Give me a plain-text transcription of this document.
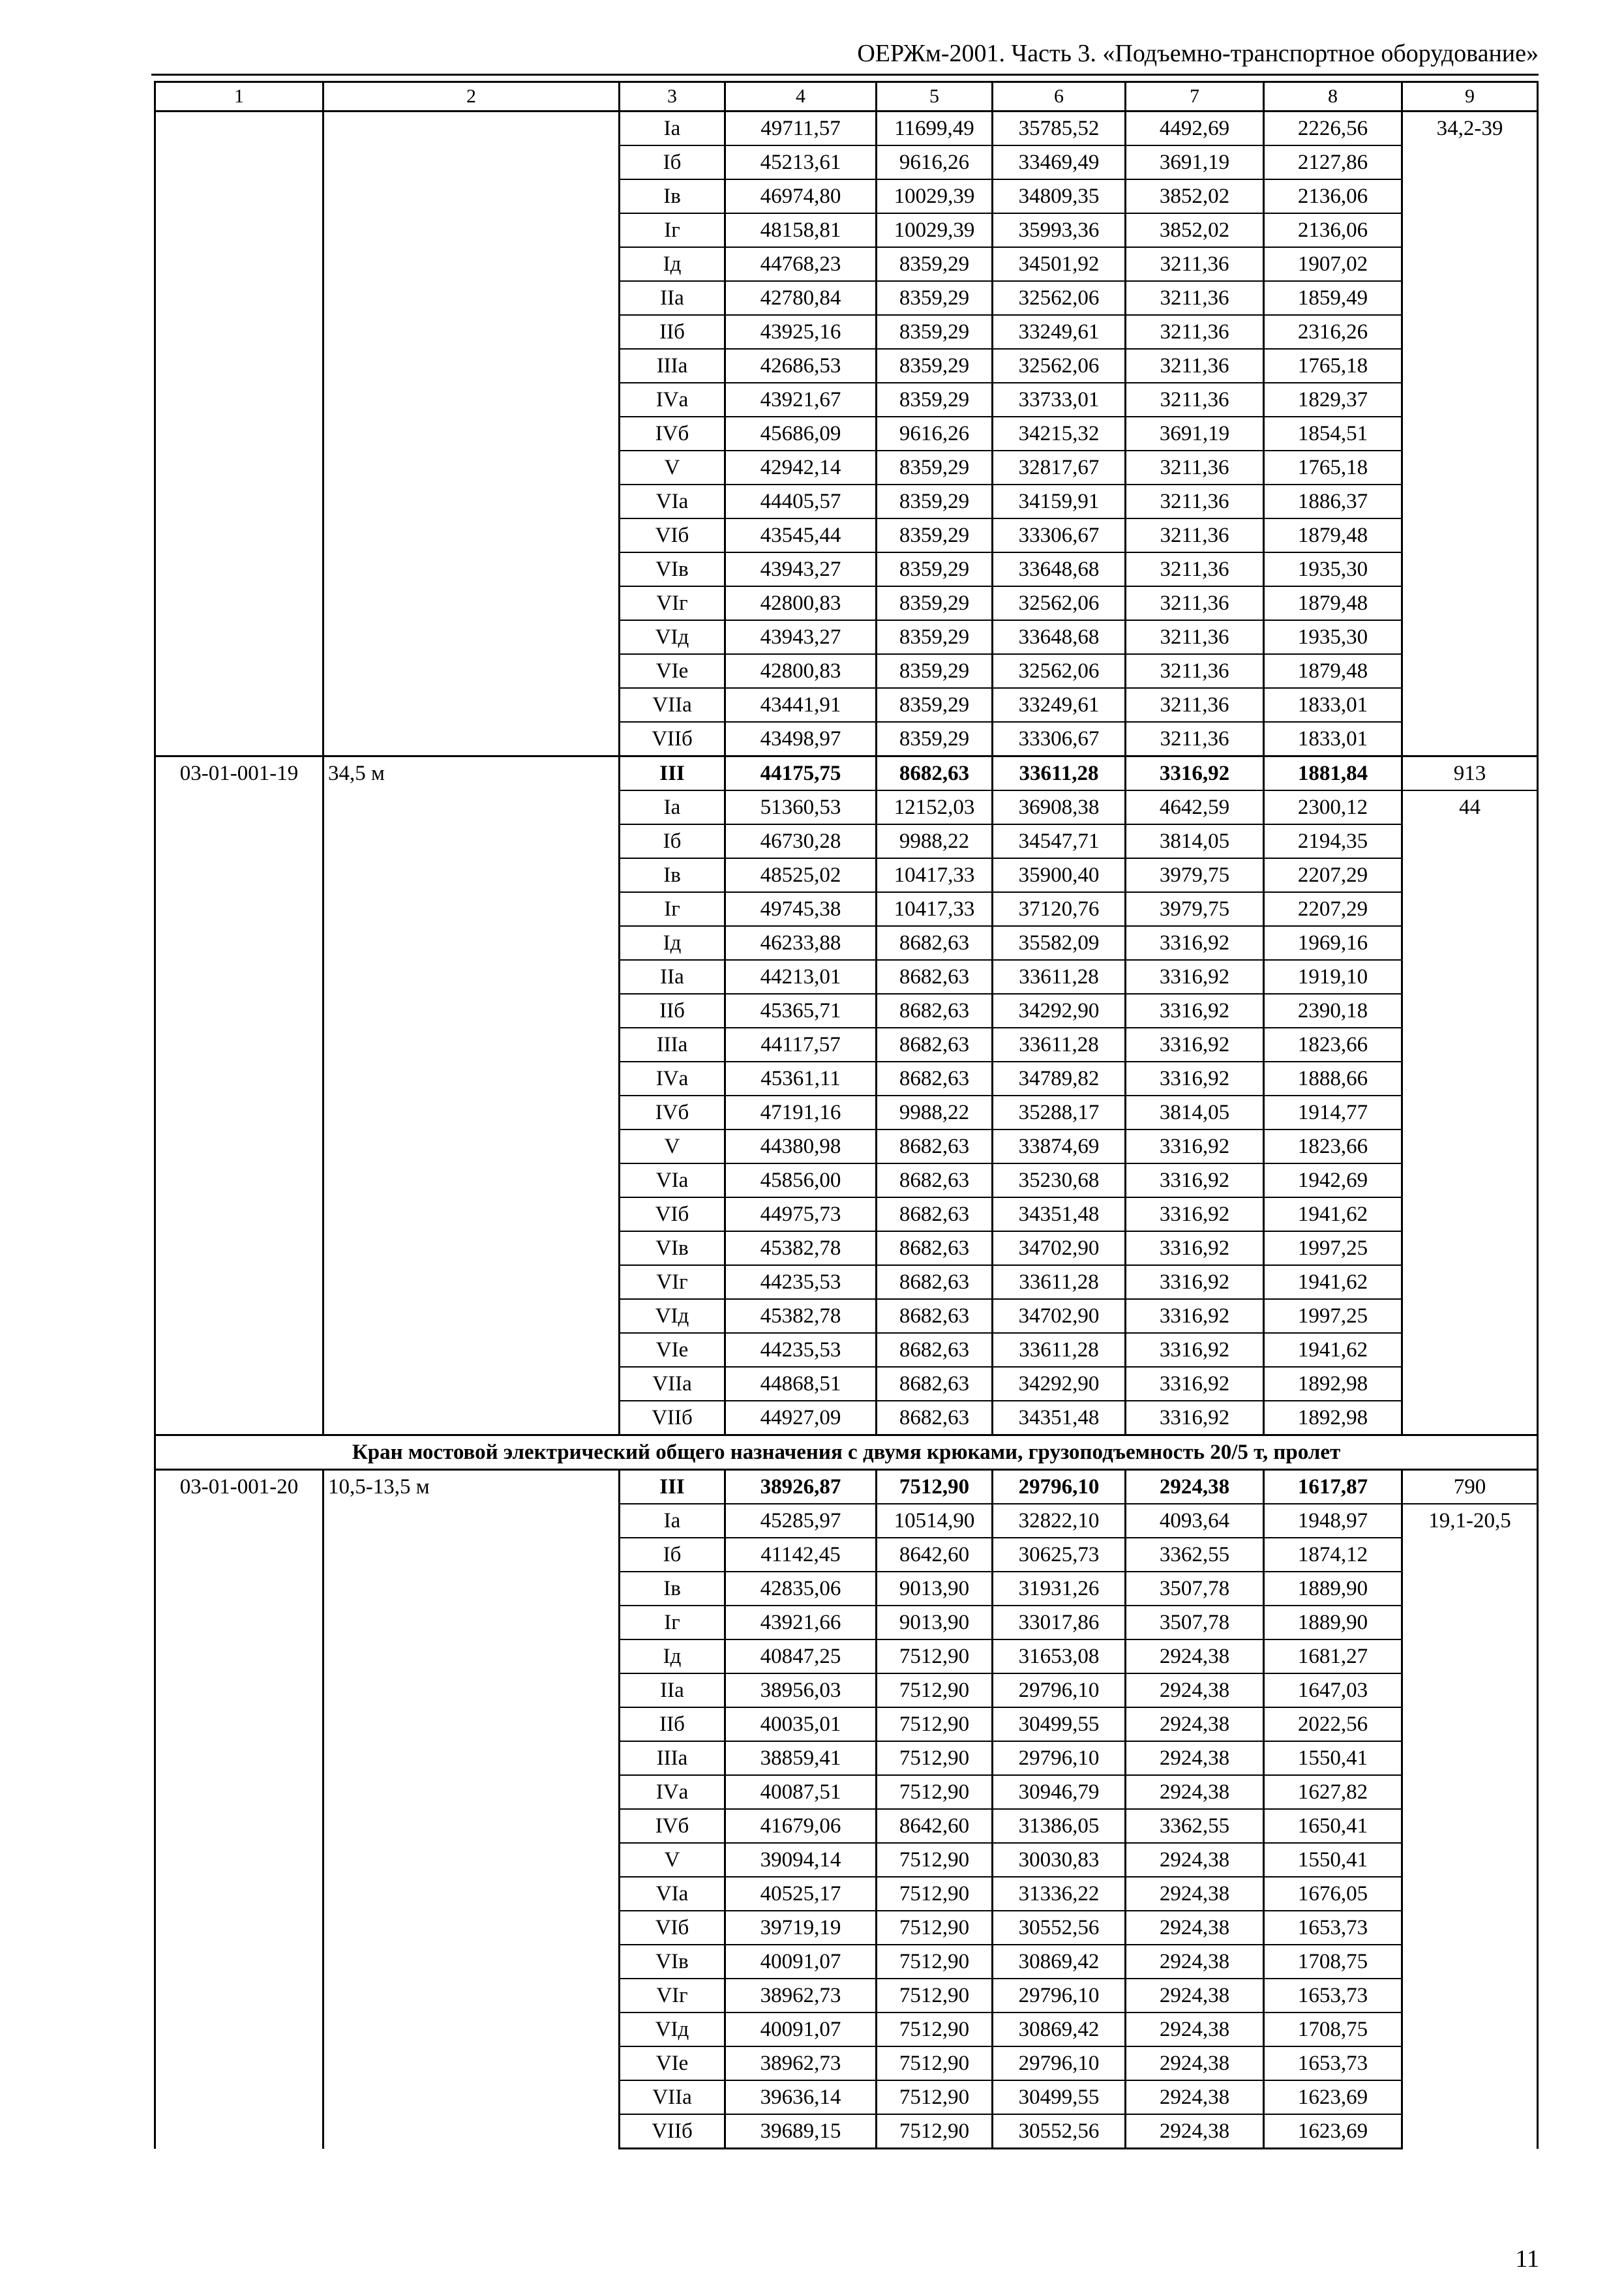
ОЕРЖм-2001. Часть 3. «Подъемно-транспортное оборудование»
1	2	3	4	5	6	7	8	9
		Iа	49711,57	11699,49	35785,52	4492,69	2226,56	34,2-39
		Iб	45213,61	9616,26	33469,49	3691,19	2127,86	
		Iв	46974,80	10029,39	34809,35	3852,02	2136,06	
		Iг	48158,81	10029,39	35993,36	3852,02	2136,06	
		Iд	44768,23	8359,29	34501,92	3211,36	1907,02	
		IIа	42780,84	8359,29	32562,06	3211,36	1859,49	
		IIб	43925,16	8359,29	33249,61	3211,36	2316,26	
		IIIа	42686,53	8359,29	32562,06	3211,36	1765,18	
		IVа	43921,67	8359,29	33733,01	3211,36	1829,37	
		IVб	45686,09	9616,26	34215,32	3691,19	1854,51	
		V	42942,14	8359,29	32817,67	3211,36	1765,18	
		VIа	44405,57	8359,29	34159,91	3211,36	1886,37	
		VIб	43545,44	8359,29	33306,67	3211,36	1879,48	
		VIв	43943,27	8359,29	33648,68	3211,36	1935,30	
		VIг	42800,83	8359,29	32562,06	3211,36	1879,48	
		VIд	43943,27	8359,29	33648,68	3211,36	1935,30	
		VIе	42800,83	8359,29	32562,06	3211,36	1879,48	
		VIIа	43441,91	8359,29	33249,61	3211,36	1833,01	
		VIIб	43498,97	8359,29	33306,67	3211,36	1833,01	
03-01-001-19	34,5 м	III	44175,75	8682,63	33611,28	3316,92	1881,84	913
		Iа	51360,53	12152,03	36908,38	4642,59	2300,12	44
		Iб	46730,28	9988,22	34547,71	3814,05	2194,35	
		Iв	48525,02	10417,33	35900,40	3979,75	2207,29	
		Iг	49745,38	10417,33	37120,76	3979,75	2207,29	
		Iд	46233,88	8682,63	35582,09	3316,92	1969,16	
		IIа	44213,01	8682,63	33611,28	3316,92	1919,10	
		IIб	45365,71	8682,63	34292,90	3316,92	2390,18	
		IIIа	44117,57	8682,63	33611,28	3316,92	1823,66	
		IVа	45361,11	8682,63	34789,82	3316,92	1888,66	
		IVб	47191,16	9988,22	35288,17	3814,05	1914,77	
		V	44380,98	8682,63	33874,69	3316,92	1823,66	
		VIа	45856,00	8682,63	35230,68	3316,92	1942,69	
		VIб	44975,73	8682,63	34351,48	3316,92	1941,62	
		VIв	45382,78	8682,63	34702,90	3316,92	1997,25	
		VIг	44235,53	8682,63	33611,28	3316,92	1941,62	
		VIд	45382,78	8682,63	34702,90	3316,92	1997,25	
		VIе	44235,53	8682,63	33611,28	3316,92	1941,62	
		VIIа	44868,51	8682,63	34292,90	3316,92	1892,98	
		VIIб	44927,09	8682,63	34351,48	3316,92	1892,98	
Кран мостовой электрический общего назначения с двумя крюками, грузоподъемность 20/5 т, пролет								
03-01-001-20	10,5-13,5 м	III	38926,87	7512,90	29796,10	2924,38	1617,87	790
		Iа	45285,97	10514,90	32822,10	4093,64	1948,97	19,1-20,5
		Iб	41142,45	8642,60	30625,73	3362,55	1874,12	
		Iв	42835,06	9013,90	31931,26	3507,78	1889,90	
		Iг	43921,66	9013,90	33017,86	3507,78	1889,90	
		Iд	40847,25	7512,90	31653,08	2924,38	1681,27	
		IIа	38956,03	7512,90	29796,10	2924,38	1647,03	
		IIб	40035,01	7512,90	30499,55	2924,38	2022,56	
		IIIа	38859,41	7512,90	29796,10	2924,38	1550,41	
		IVа	40087,51	7512,90	30946,79	2924,38	1627,82	
		IVб	41679,06	8642,60	31386,05	3362,55	1650,41	
		V	39094,14	7512,90	30030,83	2924,38	1550,41	
		VIа	40525,17	7512,90	31336,22	2924,38	1676,05	
		VIб	39719,19	7512,90	30552,56	2924,38	1653,73	
		VIв	40091,07	7512,90	30869,42	2924,38	1708,75	
		VIг	38962,73	7512,90	29796,10	2924,38	1653,73	
		VIд	40091,07	7512,90	30869,42	2924,38	1708,75	
		VIе	38962,73	7512,90	29796,10	2924,38	1653,73	
		VIIа	39636,14	7512,90	30499,55	2924,38	1623,69	
		VIIб	39689,15	7512,90	30552,56	2924,38	1623,69	
11
